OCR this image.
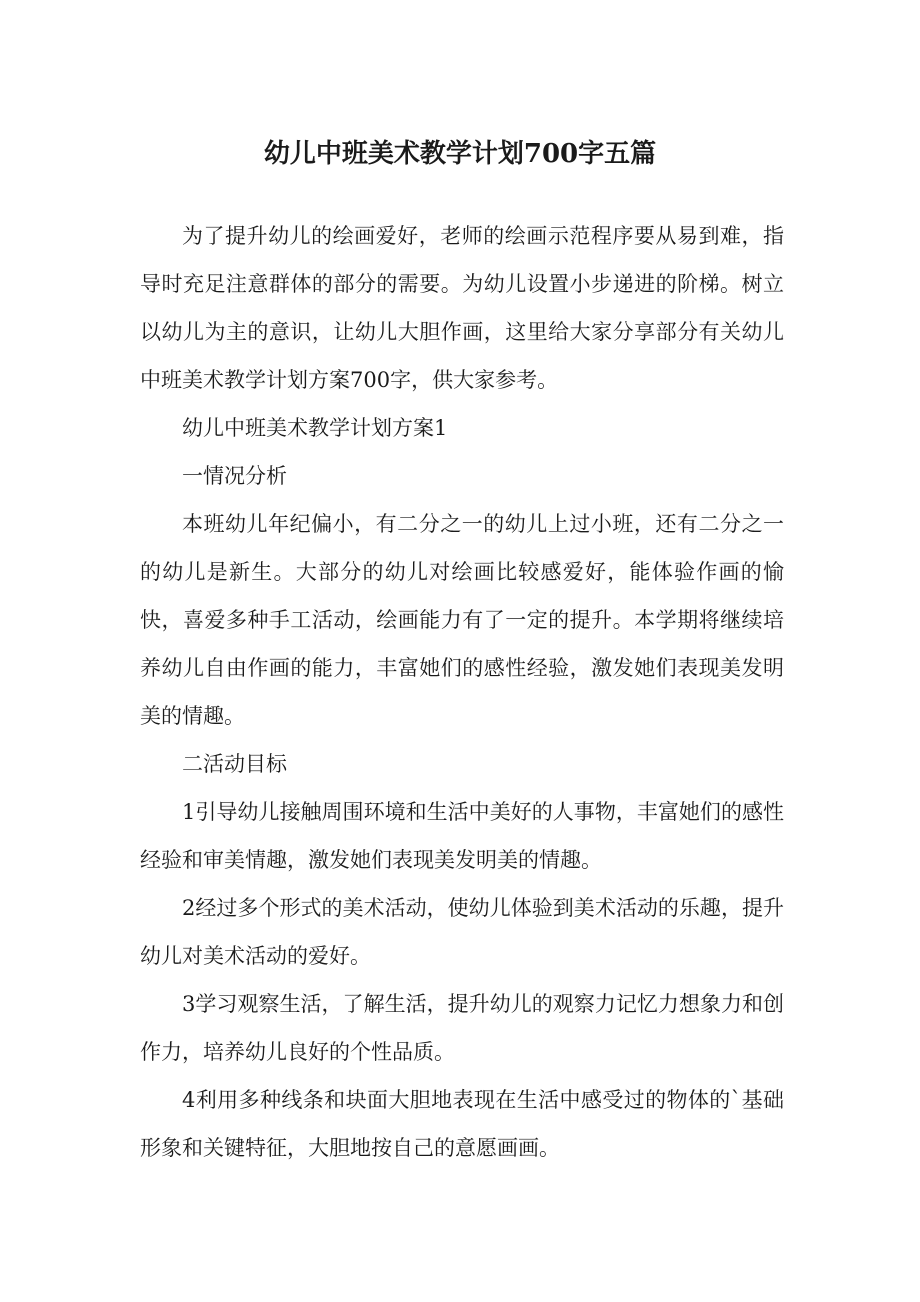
幼儿中班美术教学计划700字五篇

为了提升幼儿的绘画爱好，老师的绘画示范程序要从易到难，指导时充足注意群体的部分的需要。为幼儿设置小步递进的阶梯。树立以幼儿为主的意识，让幼儿大胆作画，这里给大家分享部分有关幼儿中班美术教学计划方案700字，供大家参考。

幼儿中班美术教学计划方案1

一情况分析

本班幼儿年纪偏小，有二分之一的幼儿上过小班，还有二分之一的幼儿是新生。大部分的幼儿对绘画比较感爱好，能体验作画的愉快，喜爱多种手工活动，绘画能力有了一定的提升。本学期将继续培养幼儿自由作画的能力，丰富她们的感性经验，激发她们表现美发明美的情趣。

二活动目标

1引导幼儿接触周围环境和生活中美好的人事物，丰富她们的感性经验和审美情趣，激发她们表现美发明美的情趣。

2经过多个形式的美术活动，使幼儿体验到美术活动的乐趣，提升幼儿对美术活动的爱好。

3学习观察生活，了解生活，提升幼儿的观察力记忆力想象力和创作力，培养幼儿良好的个性品质。

4利用多种线条和块面大胆地表现在生活中感受过的物体的`基础形象和关键特征，大胆地按自己的意愿画画。
